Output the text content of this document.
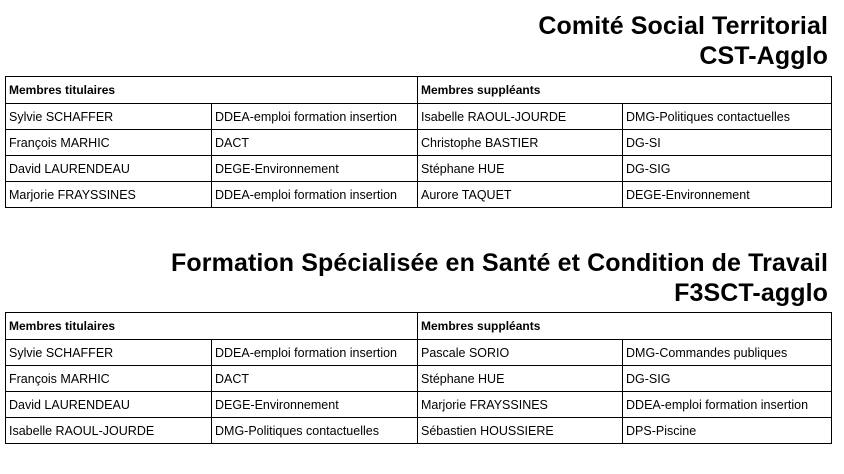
Comité Social Territorial
CST-Agglo
Membres titulaires		Membres suppléants	
Sylvie SCHAFFER	DDEA-emploi formation insertion	Isabelle RAOUL-JOURDE	DMG-Politiques contactuelles
François MARHIC	DACT	Christophe BASTIER	DG-SI
David LAURENDEAU	DEGE-Environnement	Stéphane HUE	DG-SIG
Marjorie FRAYSSINES	DDEA-emploi formation insertion	Aurore TAQUET	DEGE-Environnement
Formation Spécialisée en Santé et Condition de Travail
F3SCT-agglo
Membres titulaires		Membres suppléants	
Sylvie SCHAFFER	DDEA-emploi formation insertion	Pascale SORIO	DMG-Commandes publiques
François MARHIC	DACT	Stéphane HUE	DG-SIG
David LAURENDEAU	DEGE-Environnement	Marjorie FRAYSSINES	DDEA-emploi formation insertion
Isabelle RAOUL-JOURDE	DMG-Politiques contactuelles	Sébastien HOUSSIERE	DPS-Piscine
